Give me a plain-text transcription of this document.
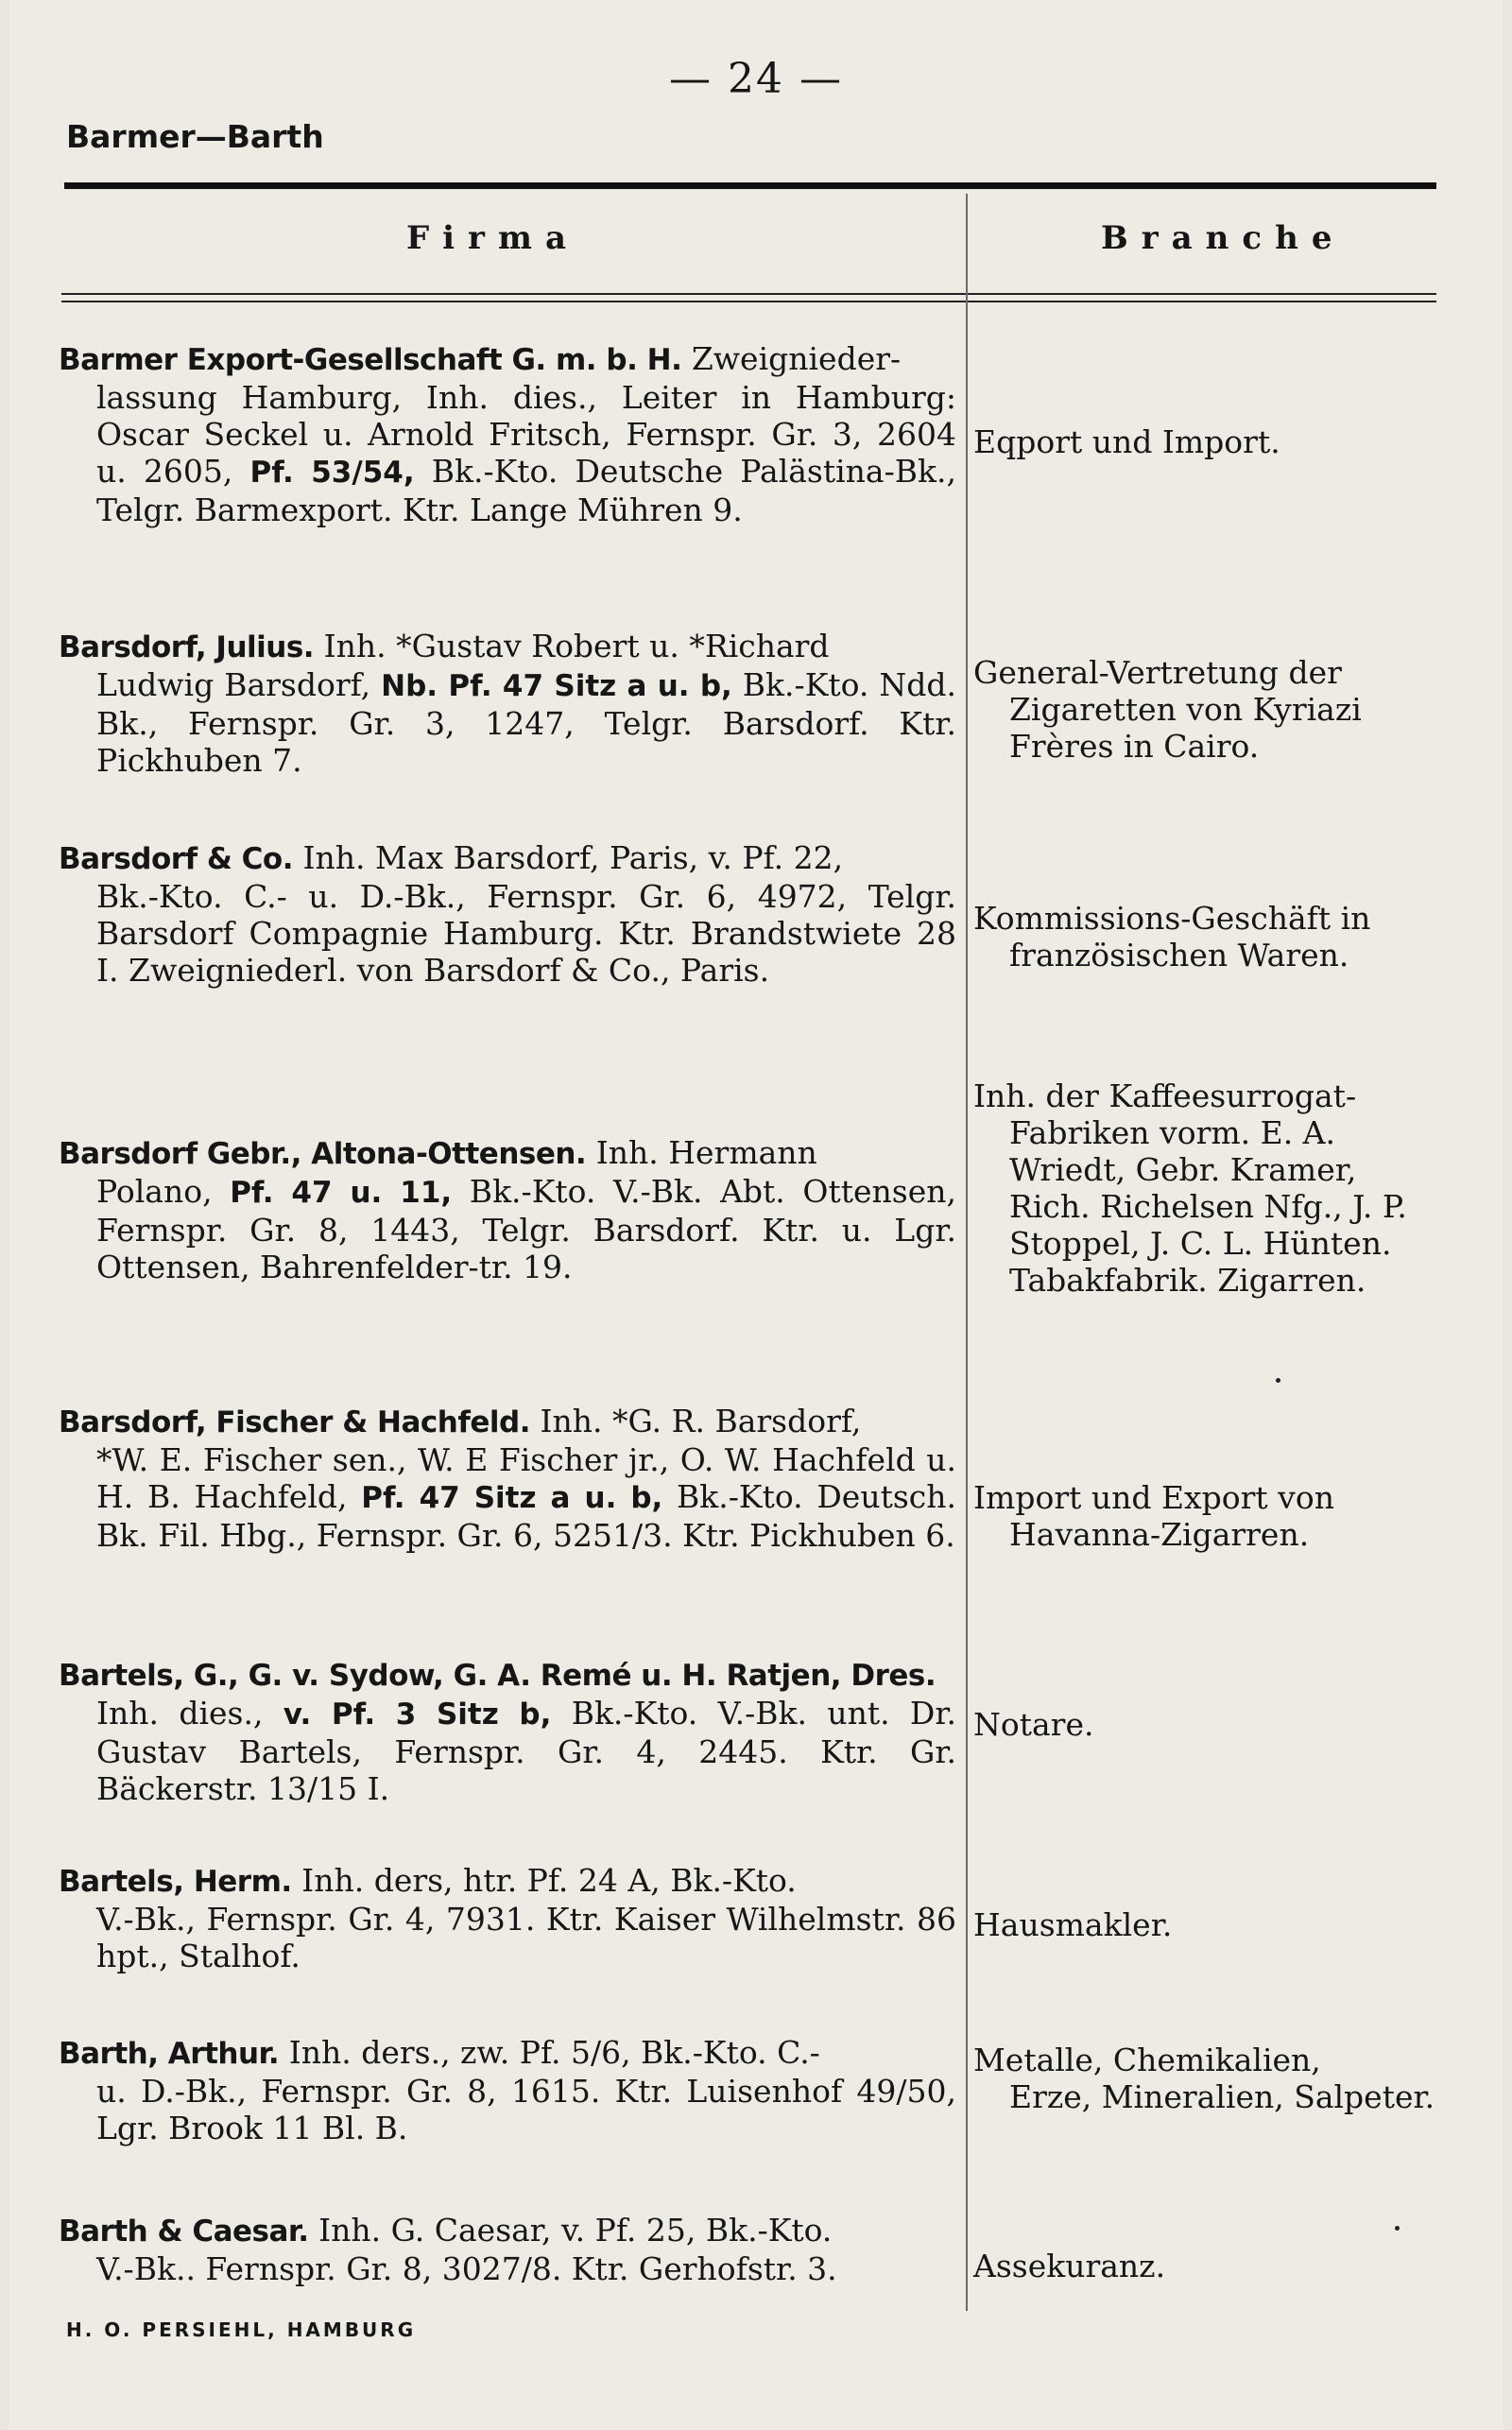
— 24 —
Barmer—Barth
Firma	Branche
Barmer Export-Gesellschaft G. m. b. H. Zweignieder-
lassung Hamburg, Inh. dies., Leiter in Hamburg: Oscar Seckel u. Arnold Fritsch, Fernspr. Gr. 3, 2604 u. 2605, Pf. 53/54, Bk.-Kto. Deutsche Palästina-Bk., Telgr. Barmexport. Ktr. Lange Mühren 9.
Eqport und Import.
Barsdorf, Julius. Inh. *Gustav Robert u. *Richard
Ludwig Barsdorf, Nb. Pf. 47 Sitz a u. b, Bk.-Kto. Ndd. Bk., Fernspr. Gr. 3, 1247, Telgr. Barsdorf. Ktr. Pickhuben 7.
General-Vertretung der
Zigaretten von Kyriazi Frères in Cairo.
Barsdorf & Co. Inh. Max Barsdorf, Paris, v. Pf. 22,
Bk.-Kto. C.- u. D.-Bk., Fernspr. Gr. 6, 4972, Telgr. Barsdorf Compagnie Hamburg. Ktr. Brandstwiete 28 I. Zweigniederl. von Barsdorf & Co., Paris.
Kommissions-Geschäft in
französischen Waren.
Barsdorf Gebr., Altona-Ottensen. Inh. Hermann
Polano, Pf. 47 u. 11, Bk.-Kto. V.-Bk. Abt. Ottensen, Fernspr. Gr. 8, 1443, Telgr. Barsdorf. Ktr. u. Lgr. Ottensen, Bahrenfelder-tr. 19.
Inh. der Kaffeesurrogat-
Fabriken vorm. E. A. Wriedt, Gebr. Kramer, Rich. Richelsen Nfg., J. P. Stoppel, J. C. L. Hünten. Tabakfabrik. Zigarren.
Barsdorf, Fischer & Hachfeld. Inh. *G. R. Barsdorf,
*W. E. Fischer sen., W. E Fischer jr., O. W. Hachfeld u. H. B. Hachfeld, Pf. 47 Sitz a u. b, Bk.-Kto. Deutsch. Bk. Fil. Hbg., Fernspr. Gr. 6, 5251/3. Ktr. Pickhuben 6.
Import und Export von
Havanna-Zigarren.
Bartels, G., G. v. Sydow, G. A. Remé u. H. Ratjen, Dres.
Inh. dies., v. Pf. 3 Sitz b, Bk.-Kto. V.-Bk. unt. Dr. Gustav Bartels, Fernspr. Gr. 4, 2445. Ktr. Gr. Bäckerstr. 13/15 I.
Notare.
Bartels, Herm. Inh. ders, htr. Pf. 24 A, Bk.-Kto.
V.-Bk., Fernspr. Gr. 4, 7931. Ktr. Kaiser Wilhelmstr. 86 hpt., Stalhof.
Hausmakler.
Barth, Arthur. Inh. ders., zw. Pf. 5/6, Bk.-Kto. C.-
u. D.-Bk., Fernspr. Gr. 8, 1615. Ktr. Luisenhof 49/50, Lgr. Brook 11 Bl. B.
Metalle, Chemikalien,
Erze, Mineralien, Salpeter.
Barth & Caesar. Inh. G. Caesar, v. Pf. 25, Bk.-Kto.
V.-Bk.. Fernspr. Gr. 8, 3027/8. Ktr. Gerhofstr. 3.	Assekuranz.
H. O. PERSIEHL, HAMBURG
